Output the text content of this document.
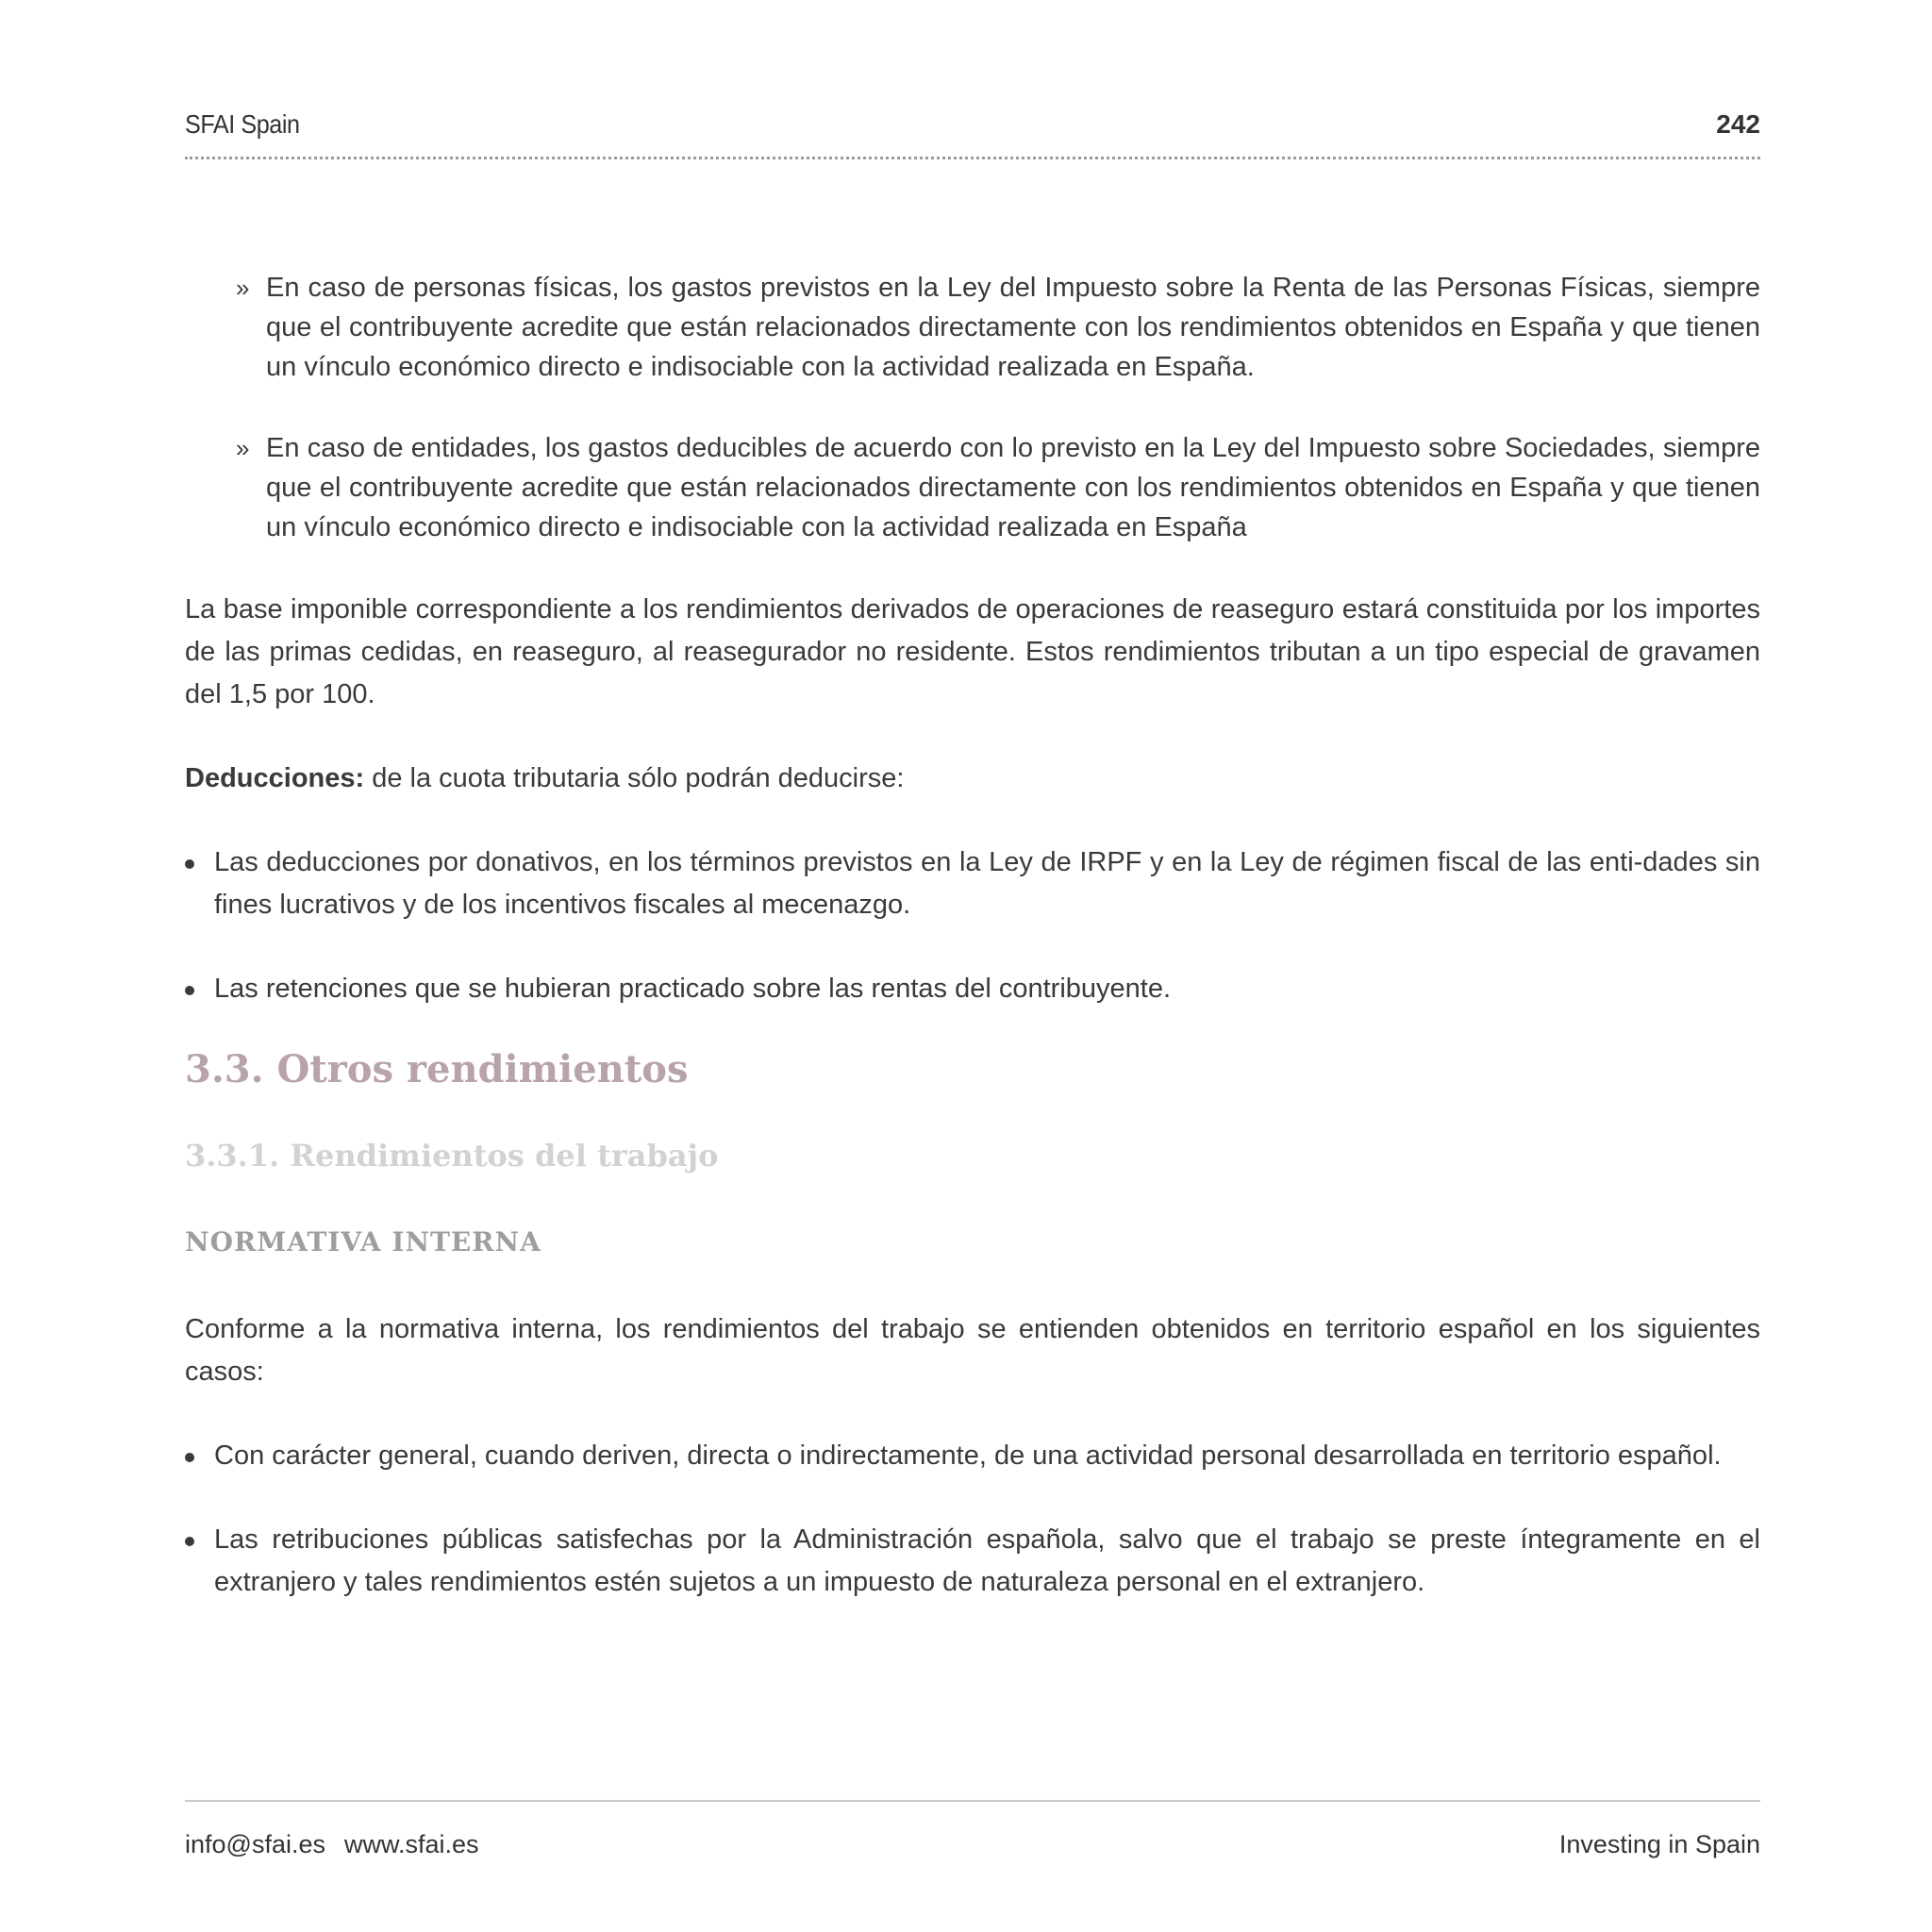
SFAI Spain	242
» En caso de personas físicas, los gastos previstos en la Ley del Impuesto sobre la Renta de las Personas Físicas, siempre que el contribuyente acredite que están relacionados directamente con los rendimientos obtenidos en España y que tienen un vínculo económico directo e indisociable con la actividad realizada en España.
» En caso de entidades, los gastos deducibles de acuerdo con lo previsto en la Ley del Impuesto sobre Sociedades, siempre que el contribuyente acredite que están relacionados directamente con los rendimientos obtenidos en España y que tienen un vínculo económico directo e indisociable con la actividad realizada en España

La base imponible correspondiente a los rendimientos derivados de operaciones de reaseguro estará constituida por los importes de las primas cedidas, en reaseguro, al reasegurador no residente. Estos rendimientos tributan a un tipo especial de gravamen del 1,5 por 100.

Deducciones: de la cuota tributaria sólo podrán deducirse:

Las deducciones por donativos, en los términos previstos en la Ley de IRPF y en la Ley de régimen fiscal de las enti-dades sin fines lucrativos y de los incentivos fiscales al mecenazgo.
Las retenciones que se hubieran practicado sobre las rentas del contribuyente.
3.3. Otros rendimientos
3.3.1. Rendimientos del trabajo
NORMATIVA INTERNA

Conforme a la normativa interna, los rendimientos del trabajo se entienden obtenidos en territorio español en los siguientes casos:

Con carácter general, cuando deriven, directa o indirectamente, de una actividad personal desarrollada en territorio español.
Las retribuciones públicas satisfechas por la Administración española, salvo que el trabajo se preste íntegramente en el extranjero y tales rendimientos estén sujetos a un impuesto de naturaleza personal en el extranjero.
info@sfai.es www.sfai.es	Investing in Spain
